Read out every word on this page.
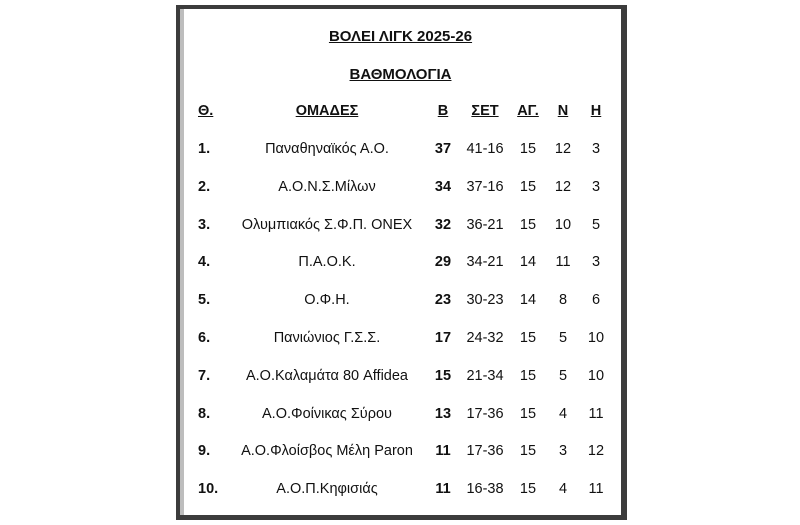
ΒΟΛΕΙ ΛΙΓΚ 2025-26
ΒΑΘΜΟΛΟΓΙΑ
Θ.	ΟΜΑΔΕΣ	Β	ΣΕΤ	ΑΓ.	Ν	Η
1.	Παναθηναϊκός Α.Ο.	37	41-16	15	12	3
2.	Α.Ο.Ν.Σ.Μίλων	34	37-16	15	12	3
3.	Ολυμπιακός Σ.Φ.Π. ΟΝΕΧ	32	36-21	15	10	5
4.	Π.Α.Ο.Κ.	29	34-21	14	11	3
5.	Ο.Φ.Η.	23	30-23	14	8	6
6.	Πανιώνιος Γ.Σ.Σ.	17	24-32	15	5	10
7.	Α.Ο.Καλαμάτα 80 Affidea	15	21-34	15	5	10
8.	Α.Ο.Φοίνικας Σύρου	13	17-36	15	4	11
9.	Α.Ο.Φλοίσβος Μέλη Paron	11	17-36	15	3	12
10.	Α.Ο.Π.Κηφισιάς	11	16-38	15	4	11
